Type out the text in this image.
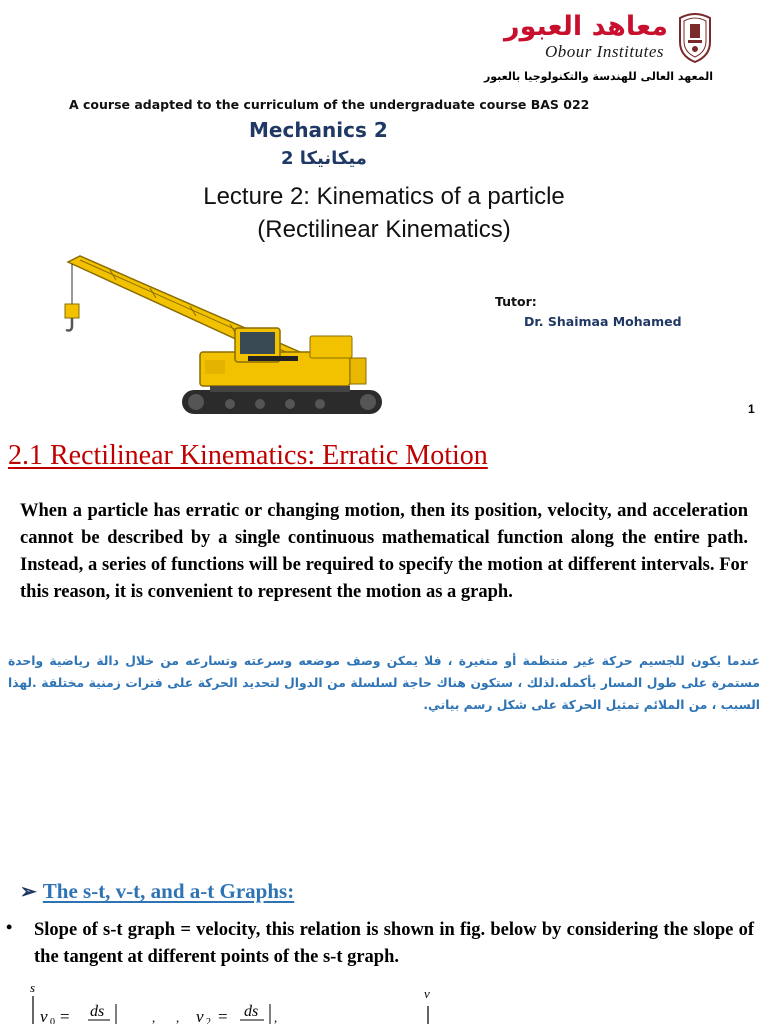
معاهد العبور
Obour Institutes
المعهد العالى للهندسة والتكنولوجيا بالعبور
A course adapted to the curriculum of the undergraduate course BAS 022
Mechanics 2
ميكانيكا 2
Lecture 2: Kinematics of a particle
(Rectilinear Kinematics)
Tutor:
Dr. Shaimaa Mohamed
1
2.1 Rectilinear Kinematics: Erratic Motion
When a particle has erratic or changing motion, then its position, velocity, and acceleration cannot be described by a single continuous mathematical function along the entire path. Instead, a series of functions will be required to specify the motion at different intervals. For this reason, it is convenient to represent the motion as a graph.
عندما يكون للجسيم حركة غير منتظمة أو متغيرة ، فلا يمكن وصف موضعه وسرعته وتسارعه من خلال دالة رياضية واحدة مستمرة على طول المسار بأكمله.لذلك ، ستكون هناك حاجة لسلسلة من الدوال لتحديد الحركة على فترات زمنية مختلفة .لهذا السبب ، من الملائم تمثيل الحركة على شكل رسم بياني.
➢ The s-t, v-t, and a-t Graphs:
•	Slope of s-t graph = velocity, this relation is shown in fig. below by considering the slope of the tangent at different points of the s-t graph.
s
v 0 = ds	, , v 2 = ds ,
v
